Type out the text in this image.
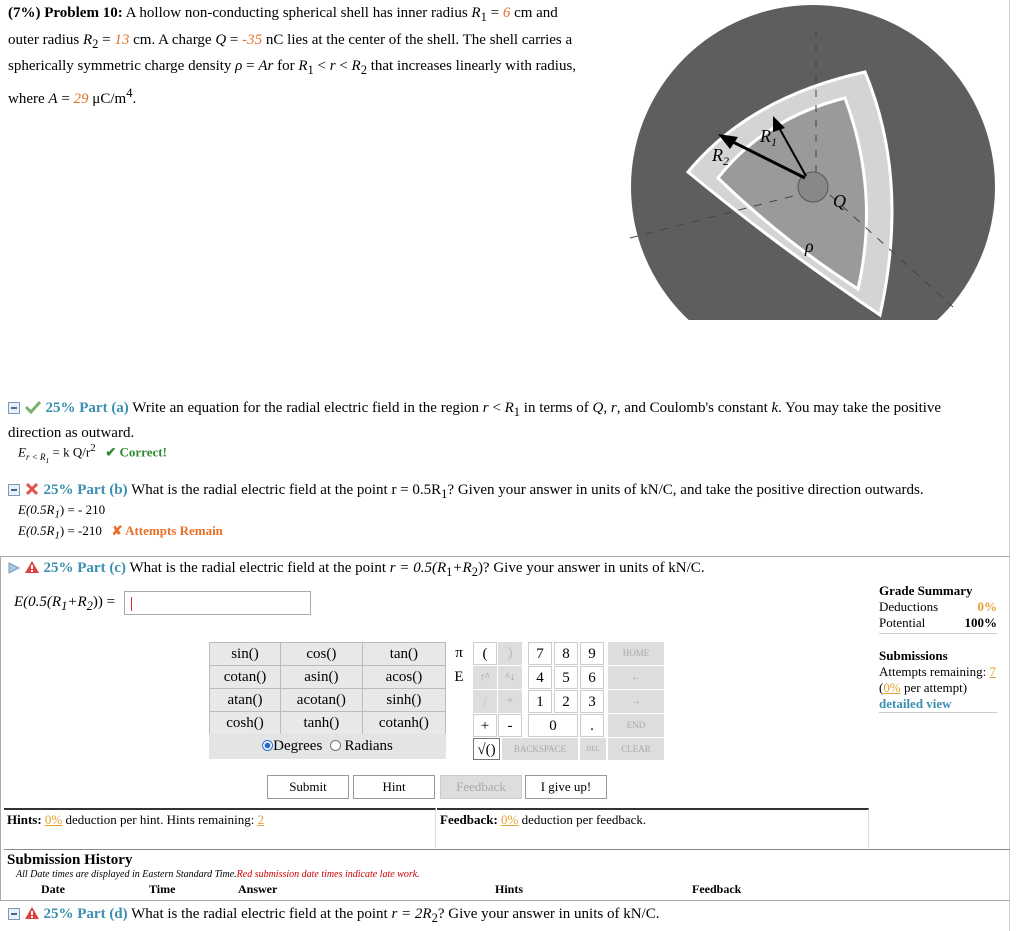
(7%) Problem 10: A hollow non-conducting spherical shell has inner radius $R_1 = 6$ cm and
outer radius $R_2 = 13$ cm. A charge Q = -35 nC lies at the center of the shell. The shell carries a
spherically symmetric charge density ρ = Ar for $R_1 < r < R_2$ that increases linearly with radius,
where A = 29 $\mu C/m^4$.
$R_2$
$R_1$
Q
ρ
25% Part (a) Write an equation for the radial electric field in the region $r < R_1$ in terms of Q, r, and Coulomb's constant k. You may take the positive
direction as outward.
$E_{r < R_1} = k$ $Q/r^2$ ✔ Correct!
25% Part (b) What is the radial electric field at the point $r = 0.5R_1$? Given your answer in units of kN/C, and take the positive direction outwards.
$E(0.5R_1)$ = - 210
$E(0.5R_1) = -210$ ✘ Attempts Remain
25% Part (c) What is the radial electric field at the point $r = 0.5(R_1+R_2)$? Give your answer in units of kN/C.
$E(0.5(R_1+R_2))$ =
sin()	cos()	tan()
cotan()	asin()	acos()
atan()	acotan()	sinh()
cosh()	tanh()	cotanh()
Degrees Radians
π	(	)
E	↑^	^↓
/	*
+	-
√()
7	8	9
4	5	6
1	2	3
0	.
HOME
←
→
END
BACKSPACE	DEL	CLEAR
Submit	Hint	Feedback	I give up!
Hints: 0% deduction per hint. Hints remaining: 2	Feedback: 0% deduction per feedback.
Grade Summary
Deductions	0%
Potential	100%
Submissions
Attempts remaining: 7
(0% per attempt)
detailed view
Submission History
All Date times are displayed in Eastern Standard Time.Red submission date times indicate late work.
Date	Time	Answer	Hints	Feedback
25% Part (d) What is the radial electric field at the point $r = 2R_2$? Give your answer in units of kN/C.
